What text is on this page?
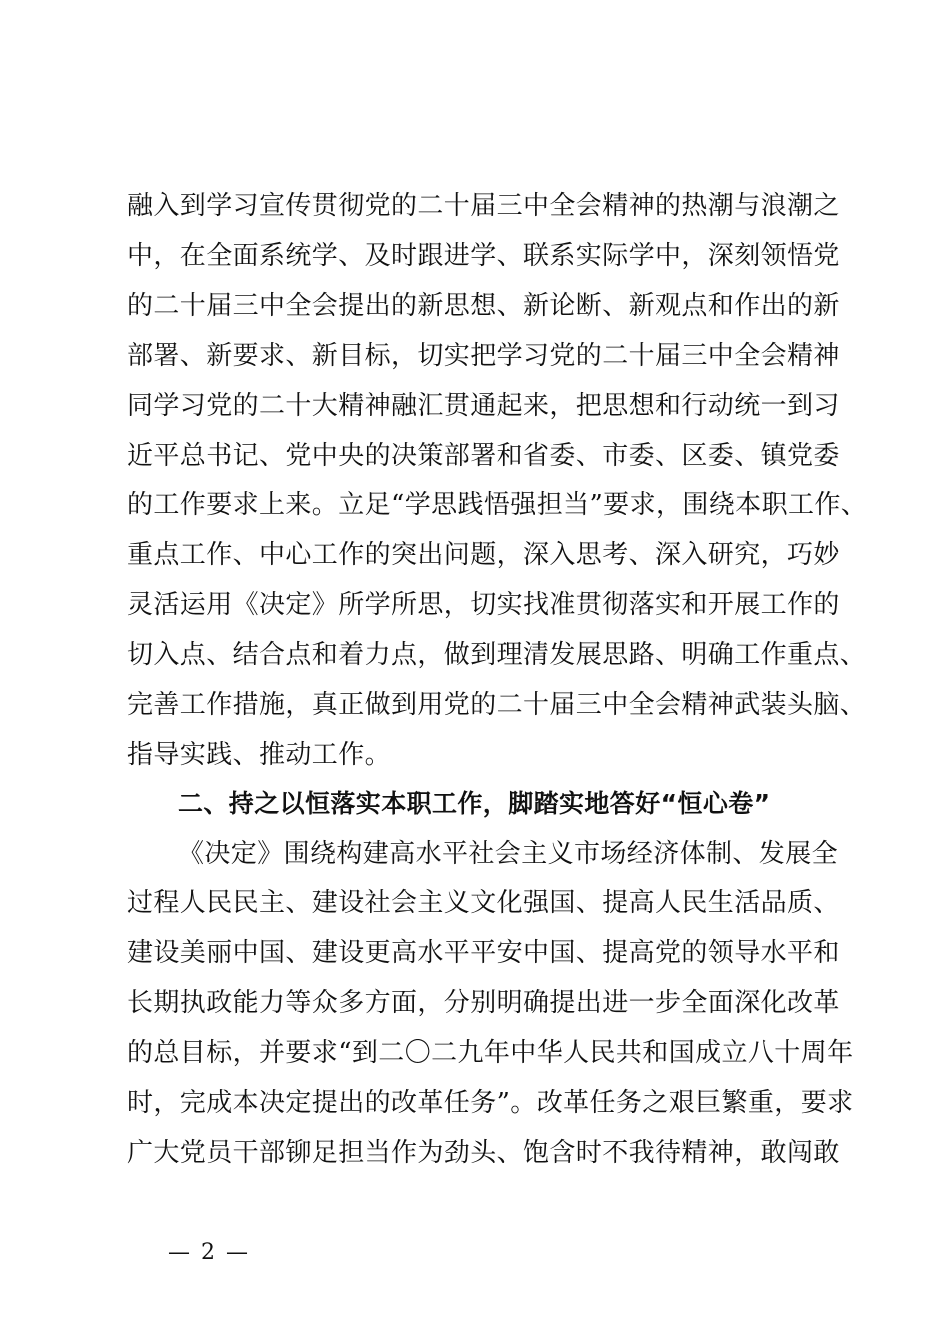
融入到学习宣传贯彻党的二十届三中全会精神的热潮与浪潮之
中，在全面系统学、及时跟进学、联系实际学中，深刻领悟党
的二十届三中全会提出的新思想、新论断、新观点和作出的新
部署、新要求、新目标，切实把学习党的二十届三中全会精神
同学习党的二十大精神融汇贯通起来，把思想和行动统一到习
近平总书记、党中央的决策部署和省委、市委、区委、镇党委
的工作要求上来。立足“学思践悟强担当”要求，围绕本职工作、
重点工作、中心工作的突出问题，深入思考、深入研究，巧妙
灵活运用《决定》所学所思，切实找准贯彻落实和开展工作的
切入点、结合点和着力点，做到理清发展思路、明确工作重点、
完善工作措施，真正做到用党的二十届三中全会精神武装头脑、
指导实践、推动工作。
二、持之以恒落实本职工作，脚踏实地答好“恒心卷”
《决定》围绕构建高水平社会主义市场经济体制、发展全
过程人民民主、建设社会主义文化强国、提高人民生活品质、
建设美丽中国、建设更高水平平安中国、提高党的领导水平和
长期执政能力等众多方面，分别明确提出进一步全面深化改革
的总目标，并要求“到二〇二九年中华人民共和国成立八十周年
时，完成本决定提出的改革任务”。改革任务之艰巨繁重，要求
广大党员干部铆足担当作为劲头、饱含时不我待精神，敢闯敢
— 2 —
